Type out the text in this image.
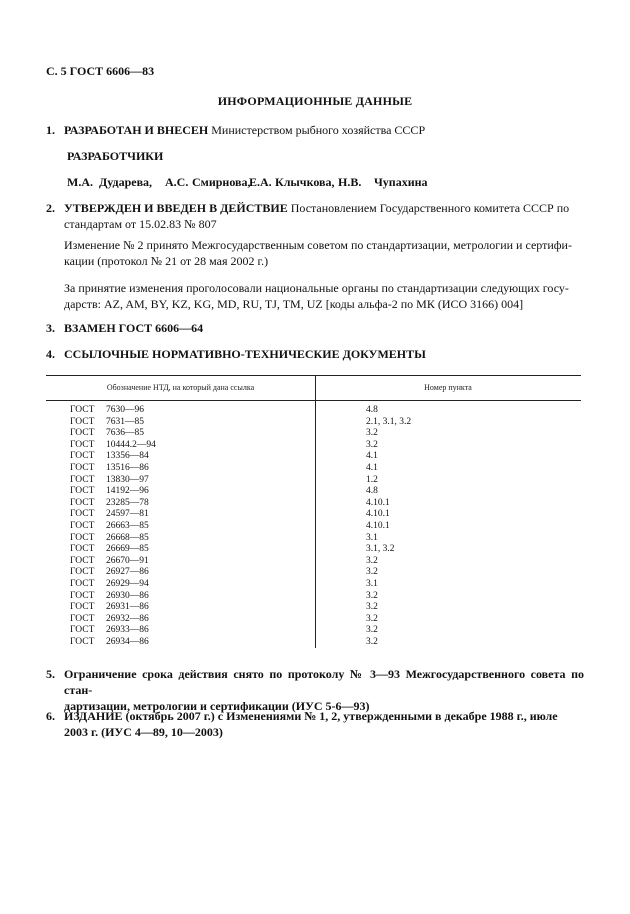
С. 5 ГОСТ 6606—83
ИНФОРМАЦИОННЫЕ ДАННЫЕ
1. РАЗРАБОТАН И ВНЕСЕН Министерством рыбного хозяйства СССР
РАЗРАБОТЧИКИ
М.А. Дударева, А.С. Смирнова,
Е.А. Клычкова, Н.В. Чупахина
2. УТВЕРЖДЕН И ВВЕДЕН В ДЕЙСТВИЕ Постановлением Государственного комитета СССР по
стандартам от 15.02.83 № 807
Изменение № 2 принято Межгосударственным советом по стандартизации, метрологии и сертифи-
кации (протокол № 21 от 28 мая 2002 г.)
За принятие изменения проголосовали национальные органы по стандартизации следующих госу-
дарств: AZ, AM, BY, KZ, KG, MD, RU, TJ, TM, UZ [коды альфа-2 по МК (ИСО 3166) 004]
3. ВЗАМЕН ГОСТ 6606—64
4. ССЫЛОЧНЫЕ НОРМАТИВНО-ТЕХНИЧЕСКИЕ ДОКУМЕНТЫ
Обозначение НТД, на который дана ссылка	Номер пункта
ГОСТ 7630—96	4.8
ГОСТ 7631—85	2.1, 3.1, 3.2
ГОСТ 7636—85	3.2
ГОСТ 10444.2—94	3.2
ГОСТ 13356—84	4.1
ГОСТ 13516—86	4.1
ГОСТ 13830—97	1.2
ГОСТ 14192—96	4.8
ГОСТ 23285—78	4.10.1
ГОСТ 24597—81	4.10.1
ГОСТ 26663—85	4.10.1
ГОСТ 26668—85	3.1
ГОСТ 26669—85	3.1, 3.2
ГОСТ 26670—91	3.2
ГОСТ 26927—86	3.2
ГОСТ 26929—94	3.1
ГОСТ 26930—86	3.2
ГОСТ 26931—86	3.2
ГОСТ 26932—86	3.2
ГОСТ 26933—86	3.2
ГОСТ 26934—86	3.2
5. Ограничение срока действия снято по протоколу № 3—93 Межгосударственного совета по стан-
дартизации, метрологии и сертификации (ИУС 5-6—93)
6. ИЗДАНИЕ (октябрь 2007 г.) с Изменениями № 1, 2, утвержденными в декабре 1988 г., июле
2003 г. (ИУС 4—89, 10—2003)
